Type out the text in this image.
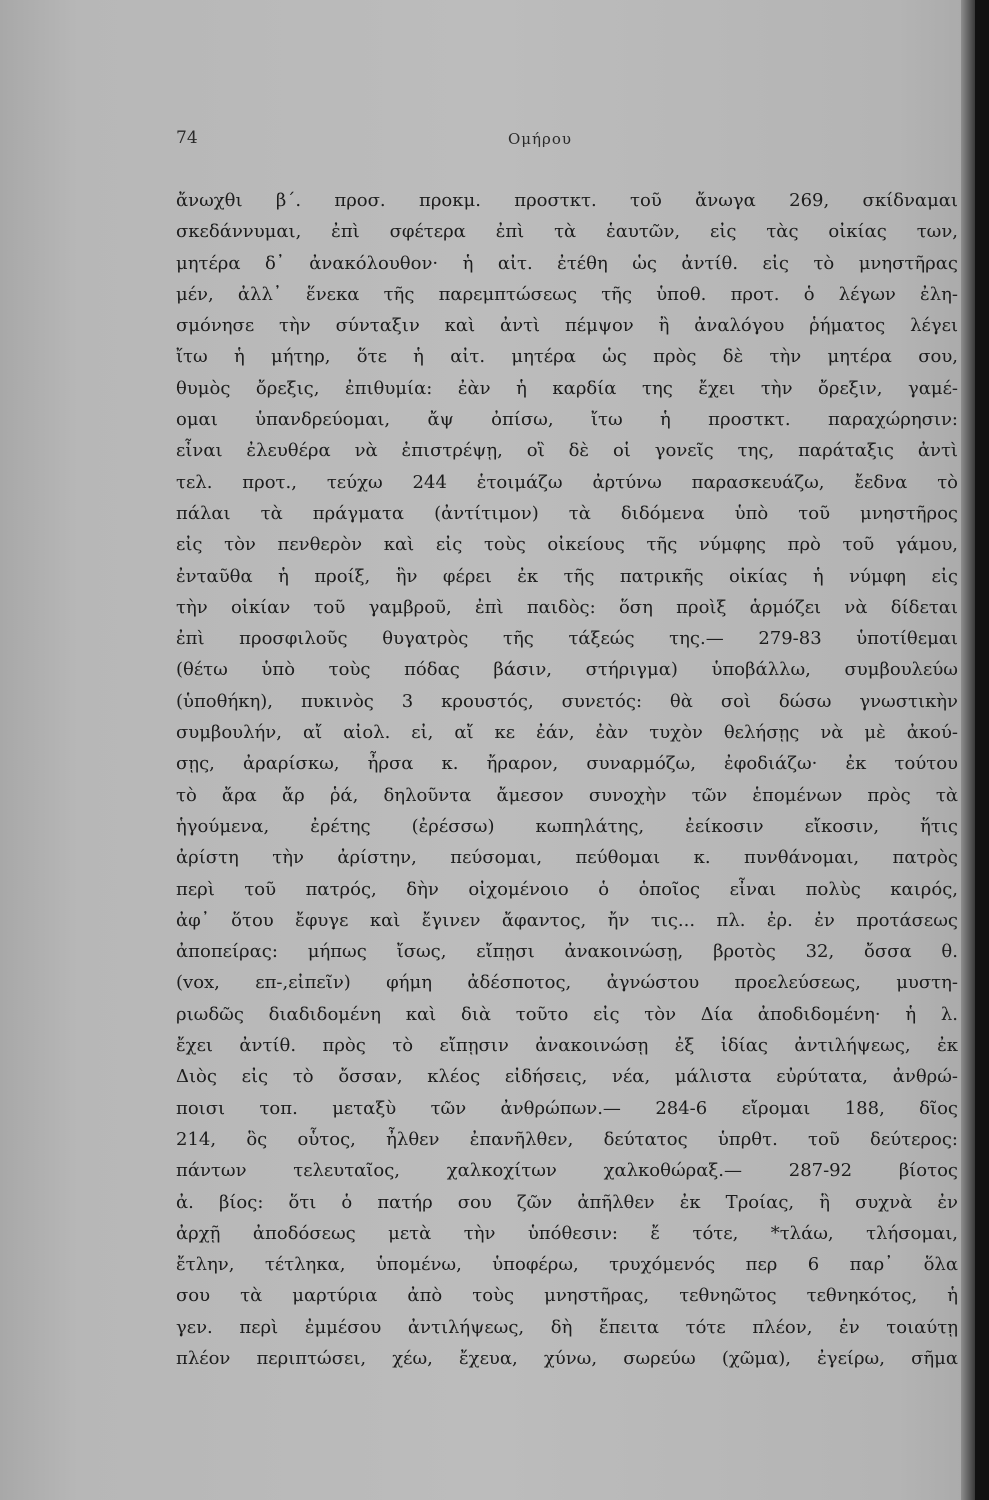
74	Ομήρου
ἄνωχθι β΄. προσ. προκμ. προστκτ. τοῦ ἄνωγα 269, σκίδναμαι
σκεδάννυμαι, ἐπὶ σφέτερα ἐπὶ τὰ ἑαυτῶν, εἰς τὰς οἰκίας των,
μητέρα δ᾽ ἀνακόλουθον· ἡ αἰτ. ἐτέθη ὡς ἀντίθ. εἰς τὸ μνηστῆρας
μέν, ἀλλ᾽ ἕνεκα τῆς παρεμπτώσεως τῆς ὑποθ. προτ. ὁ λέγων ἐλη-
σμόνησε τὴν σύνταξιν καὶ ἀντὶ πέμψον ἢ ἀναλόγου ῥήματος λέγει
ἴτω ἡ μήτηρ, ὅτε ἡ αἰτ. μητέρα ὡς πρὸς δὲ τὴν μητέρα σου,
θυμὸς ὄρεξις, ἐπιθυμία: ἐὰν ἡ καρδία της ἔχει τὴν ὄρεξιν, γαμέ-
ομαι ὑπανδρεύομαι, ἄψ ὀπίσω, ἴτω ἡ προστκτ. παραχώρησιν:
εἶναι ἐλευθέρα νὰ ἐπιστρέψῃ, οἳ δὲ οἱ γονεῖς της, παράταξις ἀντὶ
τελ. προτ., τεύχω 244 ἑτοιμάζω ἀρτύνω παρασκευάζω, ἔεδνα τὸ
πάλαι τὰ πράγματα (ἀντίτιμον) τὰ διδόμενα ὑπὸ τοῦ μνηστῆρος
εἰς τὸν πενθερὸν καὶ εἰς τοὺς οἰκείους τῆς νύμφης πρὸ τοῦ γάμου,
ἐνταῦθα ἡ προίξ, ἣν φέρει ἐκ τῆς πατρικῆς οἰκίας ἡ νύμφη εἰς
τὴν οἰκίαν τοῦ γαμβροῦ, ἐπὶ παιδὸς: ὅση προὶξ ἁρμόζει νὰ δίδεται
ἐπὶ προσφιλοῦς θυγατρὸς τῆς τάξεώς της.— 279-83 ὑποτίθεμαι
(θέτω ὑπὸ τοὺς πόδας βάσιν, στήριγμα) ὑποβάλλω, συμβουλεύω
(ὑποθήκη), πυκινὸς 3 κρουστός, συνετός: θὰ σοὶ δώσω γνωστικὴν
συμβουλήν, αἴ αἰολ. εἰ, αἴ κε ἐάν, ἐὰν τυχὸν θελήσῃς νὰ μὲ ἀκού-
σῃς, ἀραρίσκω, ἦρσα κ. ἤραρον, συναρμόζω, ἐφοδιάζω· ἐκ τούτου
τὸ ἄρα ἄρ ῥά, δηλοῦντα ἄμεσον συνοχὴν τῶν ἑπομένων πρὸς τὰ
ἡγούμενα, ἐρέτης (ἐρέσσω) κωπηλάτης, ἐείκοσιν εἴκοσιν, ἥτις
ἀρίστη τὴν ἀρίστην, πεύσομαι, πεύθομαι κ. πυνθάνομαι, πατρὸς
περὶ τοῦ πατρός, δὴν οἰχομένοιο ὁ ὁποῖος εἶναι πολὺς καιρός,
ἀφ᾽ ὅτου ἔφυγε καὶ ἔγινεν ἄφαντος, ἤν τις... πλ. ἐρ. ἐν προτάσεως
ἀποπείρας: μήπως ἴσως, εἴπῃσι ἀνακοινώσῃ, βροτὸς 32, ὄσσα θ.
(vox, επ-,εἰπεῖν) φήμη ἀδέσποτος, ἀγνώστου προελεύσεως, μυστη-
ριωδῶς διαδιδομένη καὶ διὰ τοῦτο εἰς τὸν Δία ἀποδιδομένη· ἡ λ.
ἔχει ἀντίθ. πρὸς τὸ εἴπῃσιν ἀνακοινώσῃ ἐξ ἰδίας ἀντιλήψεως, ἐκ
Διὸς εἰς τὸ ὄσσαν, κλέος εἰδήσεις, νέα, μάλιστα εὐρύτατα, ἀνθρώ-
ποισι τοπ. μεταξὺ τῶν ἀνθρώπων.— 284-6 εἴρομαι 188, δῖος
214, ὃς οὗτος, ἦλθεν ἐπανῆλθεν, δεύτατος ὑπρθτ. τοῦ δεύτερος:
πάντων τελευταῖος, χαλκοχίτων χαλκοθώραξ.— 287-92 βίοτος
ἀ. βίος: ὅτι ὁ πατήρ σου ζῶν ἀπῆλθεν ἐκ Τροίας, ἣ συχνὰ ἐν
ἀρχῇ ἀποδόσεως μετὰ τὴν ὑπόθεσιν: ἔ τότε, *τλάω, τλήσομαι,
ἔτλην, τέτληκα, ὑπομένω, ὑποφέρω, τρυχόμενός περ 6 παρ᾽ ὅλα
σου τὰ μαρτύρια ἀπὸ τοὺς μνηστῆρας, τεθνηῶτος τεθνηκότος, ἡ
γεν. περὶ ἐμμέσου ἀντιλήψεως, δὴ ἔπειτα τότε πλέον, ἐν τοιαύτῃ
πλέον περιπτώσει, χέω, ἔχευα, χύνω, σωρεύω (χῶμα), ἐγείρω, σῆμα
